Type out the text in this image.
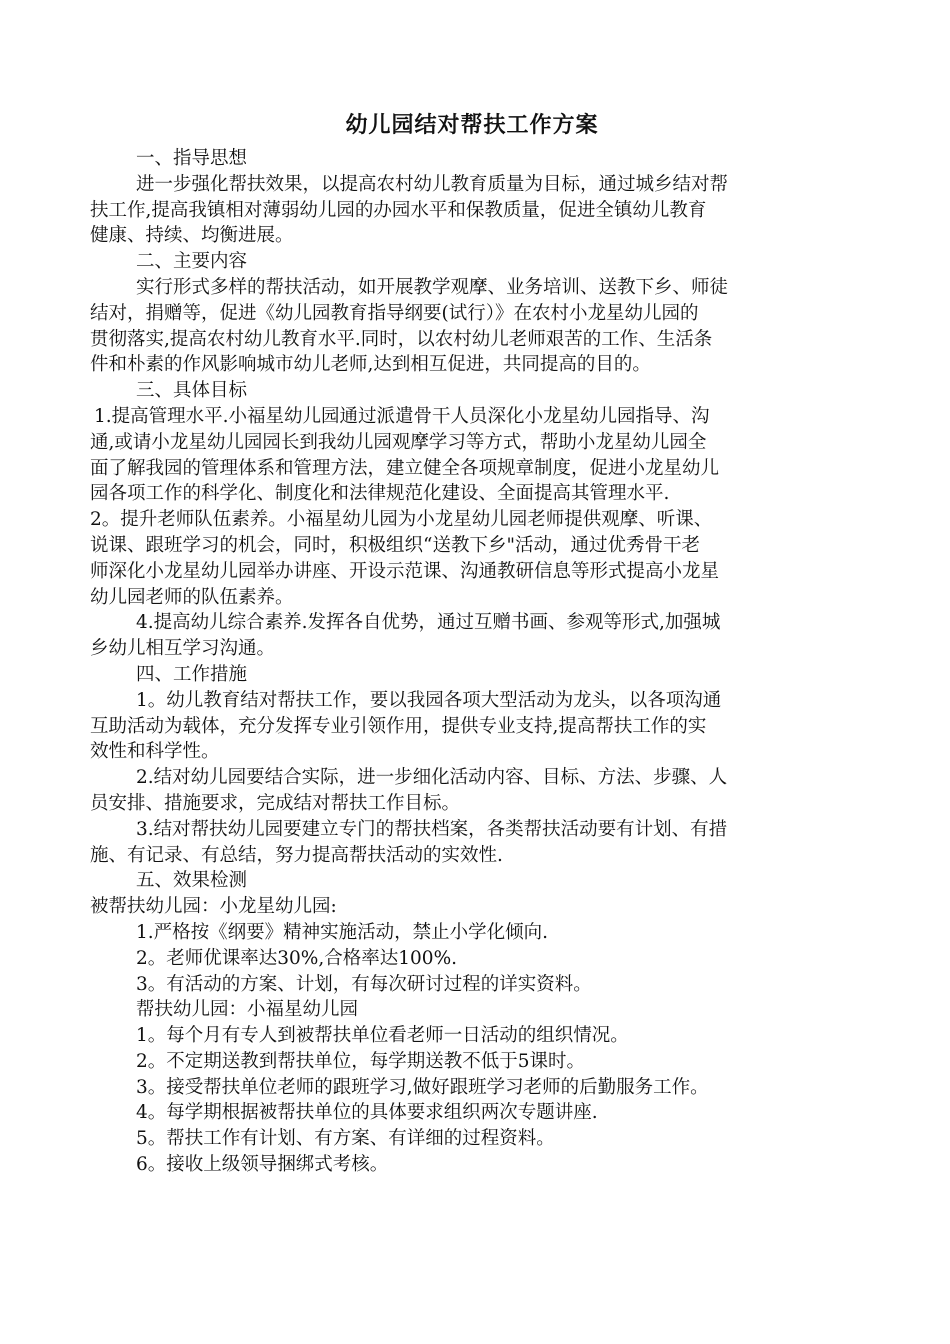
幼儿园结对帮扶工作方案
一、指导思想
进一步强化帮扶效果，以提高农村幼儿教育质量为目标，通过城乡结对帮
扶工作,提高我镇相对薄弱幼儿园的办园水平和保教质量，促进全镇幼儿教育
健康、持续、均衡进展。
二、主要内容
实行形式多样的帮扶活动，如开展教学观摩、业务培训、送教下乡、师徒
结对，捐赠等，促进《幼儿园教育指导纲要(试行）》在农村小龙星幼儿园的
贯彻落实,提高农村幼儿教育水平.同时，以农村幼儿老师艰苦的工作、生活条
件和朴素的作风影响城市幼儿老师,达到相互促进，共同提高的目的。
三、具体目标
1.提高管理水平.小福星幼儿园通过派遣骨干人员深化小龙星幼儿园指导、沟
通,或请小龙星幼儿园园长到我幼儿园观摩学习等方式，帮助小龙星幼儿园全
面了解我园的管理体系和管理方法，建立健全各项规章制度，促进小龙星幼儿
园各项工作的科学化、制度化和法律规范化建设、全面提高其管理水平.
2。提升老师队伍素养。小福星幼儿园为小龙星幼儿园老师提供观摩、听课、
说课、跟班学习的机会，同时，积极组织“送教下乡"活动，通过优秀骨干老
师深化小龙星幼儿园举办讲座、开设示范课、沟通教研信息等形式提高小龙星
幼儿园老师的队伍素养。
4.提高幼儿综合素养.发挥各自优势，通过互赠书画、参观等形式,加强城
乡幼儿相互学习沟通。
四、工作措施
1。幼儿教育结对帮扶工作，要以我园各项大型活动为龙头，以各项沟通
互助活动为载体，充分发挥专业引领作用，提供专业支持,提高帮扶工作的实
效性和科学性。
2.结对幼儿园要结合实际，进一步细化活动内容、目标、方法、步骤、人
员安排、措施要求，完成结对帮扶工作目标。
3.结对帮扶幼儿园要建立专门的帮扶档案，各类帮扶活动要有计划、有措
施、有记录、有总结，努力提高帮扶活动的实效性.
五、效果检测
被帮扶幼儿园：小龙星幼儿园:
1.严格按《纲要》精神实施活动，禁止小学化倾向.
2。老师优课率达30%,合格率达100%.
3。有活动的方案、计划，有每次研讨过程的详实资料。
帮扶幼儿园：小福星幼儿园
1。每个月有专人到被帮扶单位看老师一日活动的组织情况。
2。不定期送教到帮扶单位，每学期送教不低于5课时。
3。接受帮扶单位老师的跟班学习,做好跟班学习老师的后勤服务工作。
4。每学期根据被帮扶单位的具体要求组织两次专题讲座.
5。帮扶工作有计划、有方案、有详细的过程资料。
6。接收上级领导捆绑式考核。
